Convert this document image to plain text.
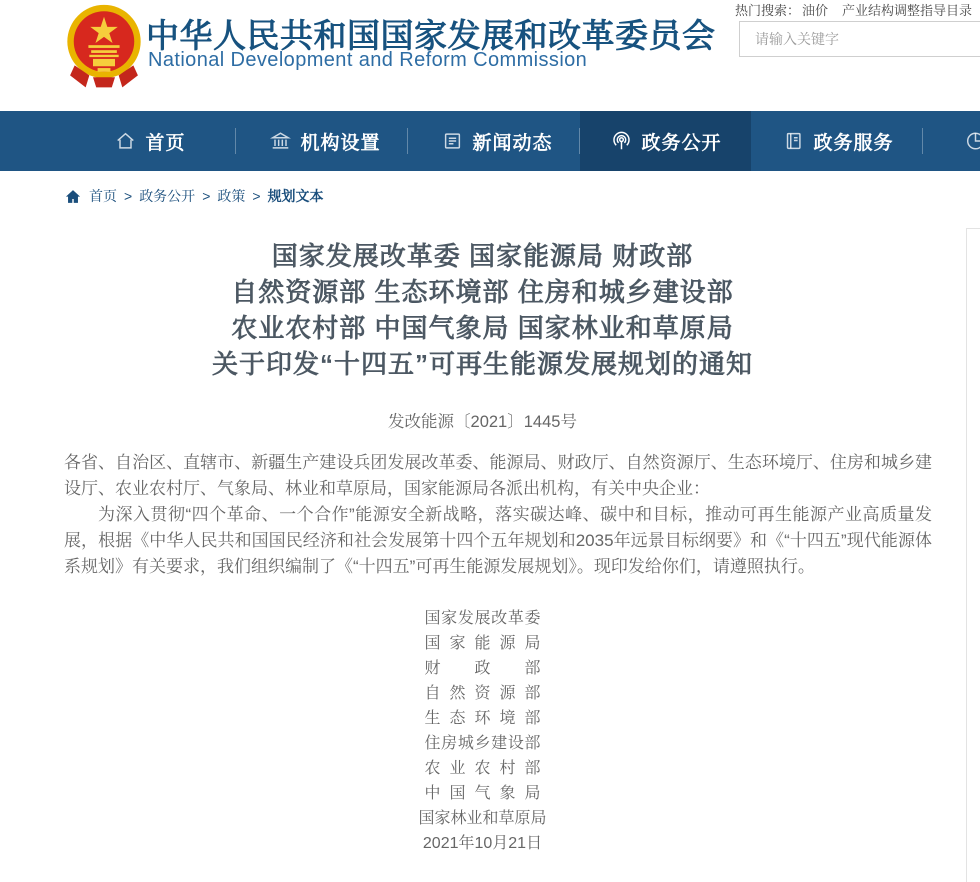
中华人民共和国国家发展和改革委员会
National Development and Reform Commission
热门搜索： 油价 产业结构调整指导目录
请输入关键字
首页	机构设置	新闻动态	政务公开	政务服务
首页 > 政务公开 > 政策 > 规划文本
国家发展改革委 国家能源局 财政部
自然资源部 生态环境部 住房和城乡建设部
农业农村部 中国气象局 国家林业和草原局
关于印发“十四五”可再生能源发展规划的通知
发改能源〔2021〕1445号

各省、自治区、直辖市、新疆生产建设兵团发展改革委、能源局、财政厅、自然资源厅、生态环境厅、住房和城乡建设厅、农业农村厅、气象局、林业和草原局，国家能源局各派出机构，有关中央企业：

为深入贯彻“四个革命、一个合作”能源安全新战略，落实碳达峰、碳中和目标，推动可再生能源产业高质量发展，根据《中华人民共和国国民经济和社会发展第十四个五年规划和2035年远景目标纲要》和《“十四五”现代能源体系规划》有关要求，我们组织编制了《“十四五”可再生能源发展规划》。现印发给你们，请遵照执行。

国家发展改革委
国家能源局
财政部
自然资源部
生态环境部
住房城乡建设部
农业农村部
中国气象局
国家林业和草原局
2021年10月21日
